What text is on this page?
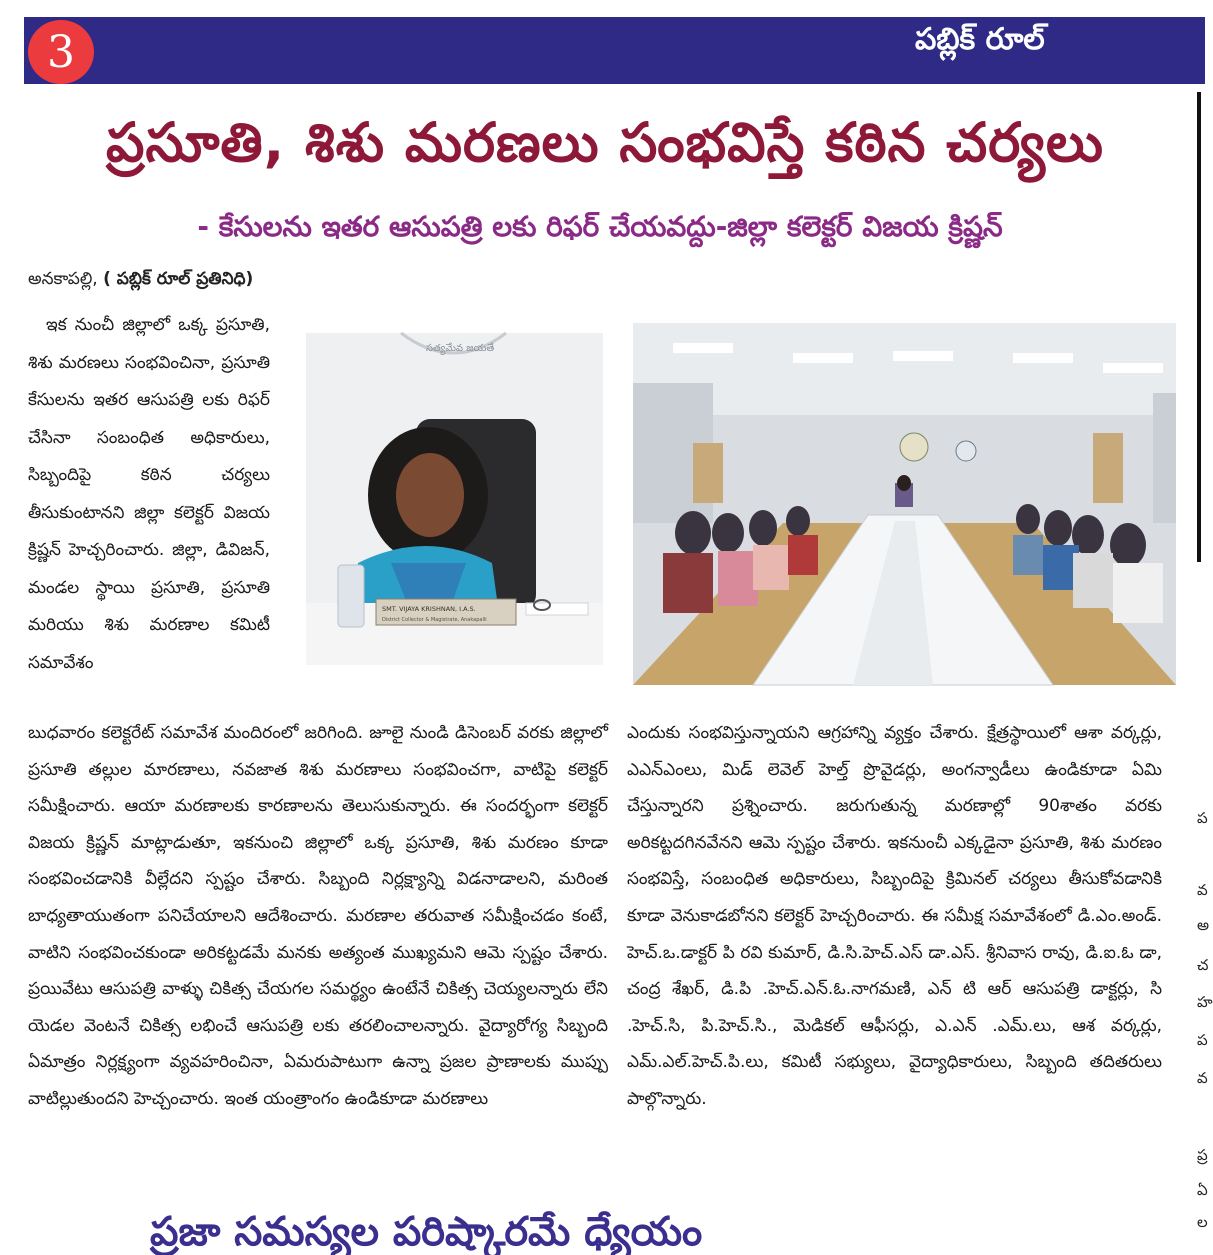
3	పబ్లిక్ రూల్
ప్రసూతి, శిశు మరణలు సంభవిస్తే కఠిన చర్యలు
- కేసులను ఇతర ఆసుపత్రి లకు రిఫర్ చేయవద్దు-జిల్లా కలెక్టర్ విజయ క్రిష్ణన్
అనకాపల్లి, ( పబ్లిక్ రూల్ ప్రతినిధి)

ఇక నుంచీ జిల్లాలో ఒక్క ప్రసూతి, శిశు మరణలు సంభవించినా, ప్రసూతి కేసులను ఇతర ఆసుపత్రి లకు రిఫర్ చేసినా సంబంధిత అధికారులు, సిబ్బందిపై కఠిన చర్యలు తీసుకుంటానని జిల్లా కలెక్టర్ విజయ క్రిష్ణన్ హెచ్చరించారు. జిల్లా, డివిజన్, మండల స్థాయి ప్రసూతి, ప్రసూతి మరియు శిశు మరణాల కమిటీ సమావేశం

సత్యమేవ జయతే
SMT. VIJAYA KRISHNAN, I.A.S.
District Collector & Magistrate, Anakapalli

బుధవారం కలెక్టరేట్ సమావేశ మందిరంలో జరిగింది. జూలై నుండి డిసెంబర్ వరకు జిల్లాలో ప్రసూతి తల్లుల మారణాలు, నవజాత శిశు మరణాలు సంభవించగా, వాటిపై కలెక్టర్ సమీక్షించారు. ఆయా మరణాలకు కారణాలను తెలుసుకున్నారు. ఈ సందర్భంగా కలెక్టర్ విజయ క్రిష్ణన్ మాట్లాడుతూ, ఇకనుంచి జిల్లాలో ఒక్క ప్రసూతి, శిశు మరణం కూడా సంభవించడానికి వీల్లేదని స్పష్టం చేశారు. సిబ్బంది నిర్లక్ష్యాన్ని విడనాడాలని, మరింత బాధ్యతాయుతంగా పనిచేయాలని ఆదేశించారు. మరణాల తరువాత సమీక్షించడం కంటే, వాటిని సంభవించకుండా అరికట్టడమే మనకు అత్యంత ముఖ్యమని ఆమె స్పష్టం చేశారు. ప్రయివేటు ఆసుపత్రి వాళ్ళు చికిత్స చేయగల సమర్థ్యం ఉంటేనే చికిత్స చెయ్యలన్నారు లేని యెడల వెంటనే చికిత్స లభించే ఆసుపత్రి లకు తరలించాలన్నారు. వైద్యారోగ్య సిబ్బంది ఏమాత్రం నిర్లక్ష్యంగా వ్యవహరించినా, ఏమరుపాటుగా ఉన్నా ప్రజల ప్రాణాలకు ముప్పు వాటిల్లుతుందని హెచ్చంచారు. ఇంత యంత్రాంగం ఉండికూడా మరణాలు

ఎందుకు సంభవిస్తున్నాయని ఆగ్రహాన్ని వ్యక్తం చేశారు. క్షేత్రస్థాయిలో ఆశా వర్కర్లు, ఎఎన్ఎంలు, మిడ్ లెవెల్ హెల్త్ ప్రొవైడర్లు, అంగన్వాడీలు ఉండికూడా ఏమి చేస్తున్నారని ప్రశ్నించారు. జరుగుతున్న మరణాల్లో 90శాతం వరకు అరికట్టదగినవేనని ఆమె స్పష్టం చేశారు. ఇకనుంచీ ఎక్కడైనా ప్రసూతి, శిశు మరణం సంభవిస్తే, సంబంధిత అధికారులు, సిబ్బందిపై క్రిమినల్ చర్యలు తీసుకోవడానికి కూడా వెనుకాడబోనని కలెక్టర్ హెచ్చరించారు. ఈ సమీక్ష సమావేశంలో డి.ఎం.అండ్. హెచ్.ఒ.డాక్టర్ పి రవి కుమార్, డి.సి.హెచ్.ఎస్ డా.ఎస్. శ్రీనివాస రావు, డి.ఐ.ఓ డా, చంద్ర శేఖర్, డి.పి .హెచ్.ఎన్.ఓ.నాగమణి, ఎన్ టి ఆర్ ఆసుపత్రి డాక్టర్లు, సి .హెచ్.సి, పి.హెచ్.సి., మెడికల్ ఆఫీసర్లు, ఎ.ఎన్ .ఎమ్.లు, ఆశ వర్కర్లు, ఎమ్.ఎల్.హెచ్.పి.లు, కమిటీ సభ్యులు, వైద్యాధికారులు, సిబ్బంది తదితరులు పాల్గొన్నారు.

ప
వ
అ
చ
హ
ప
వ
ప్ర
ఏ
ల
ప్రజా సమస్యల పరిష్కారమే ధ్యేయం
